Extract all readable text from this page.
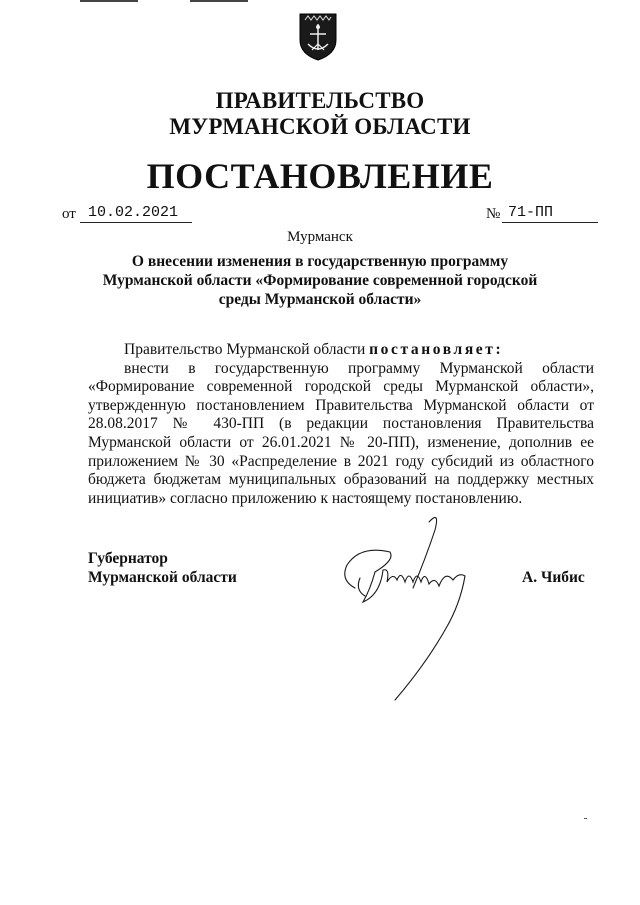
ПРАВИТЕЛЬСТВО
МУРМАНСКОЙ ОБЛАСТИ
ПОСТАНОВЛЕНИЕ
от 10.02.2021	№ 71-ПП
Мурманск
О внесении изменения в государственную программу
Мурманской области «Формирование современной городской
среды Мурманской области»

Правительство Мурманской области постановляет:

внести в государственную программу Мурманской области «Формирование современной городской среды Мурманской области», утвержденную постановлением Правительства Мурманской области от 28.08.2017 № 430-ПП (в редакции постановления Правительства Мурманской области от 26.01.2021 № 20-ПП), изменение, дополнив ее приложением № 30 «Распределение в 2021 году субсидий из областного бюджета бюджетам муниципальных образований на поддержку местных инициатив» согласно приложению к настоящему постановлению.

Губернатор
Мурманской области	А. Чибис
